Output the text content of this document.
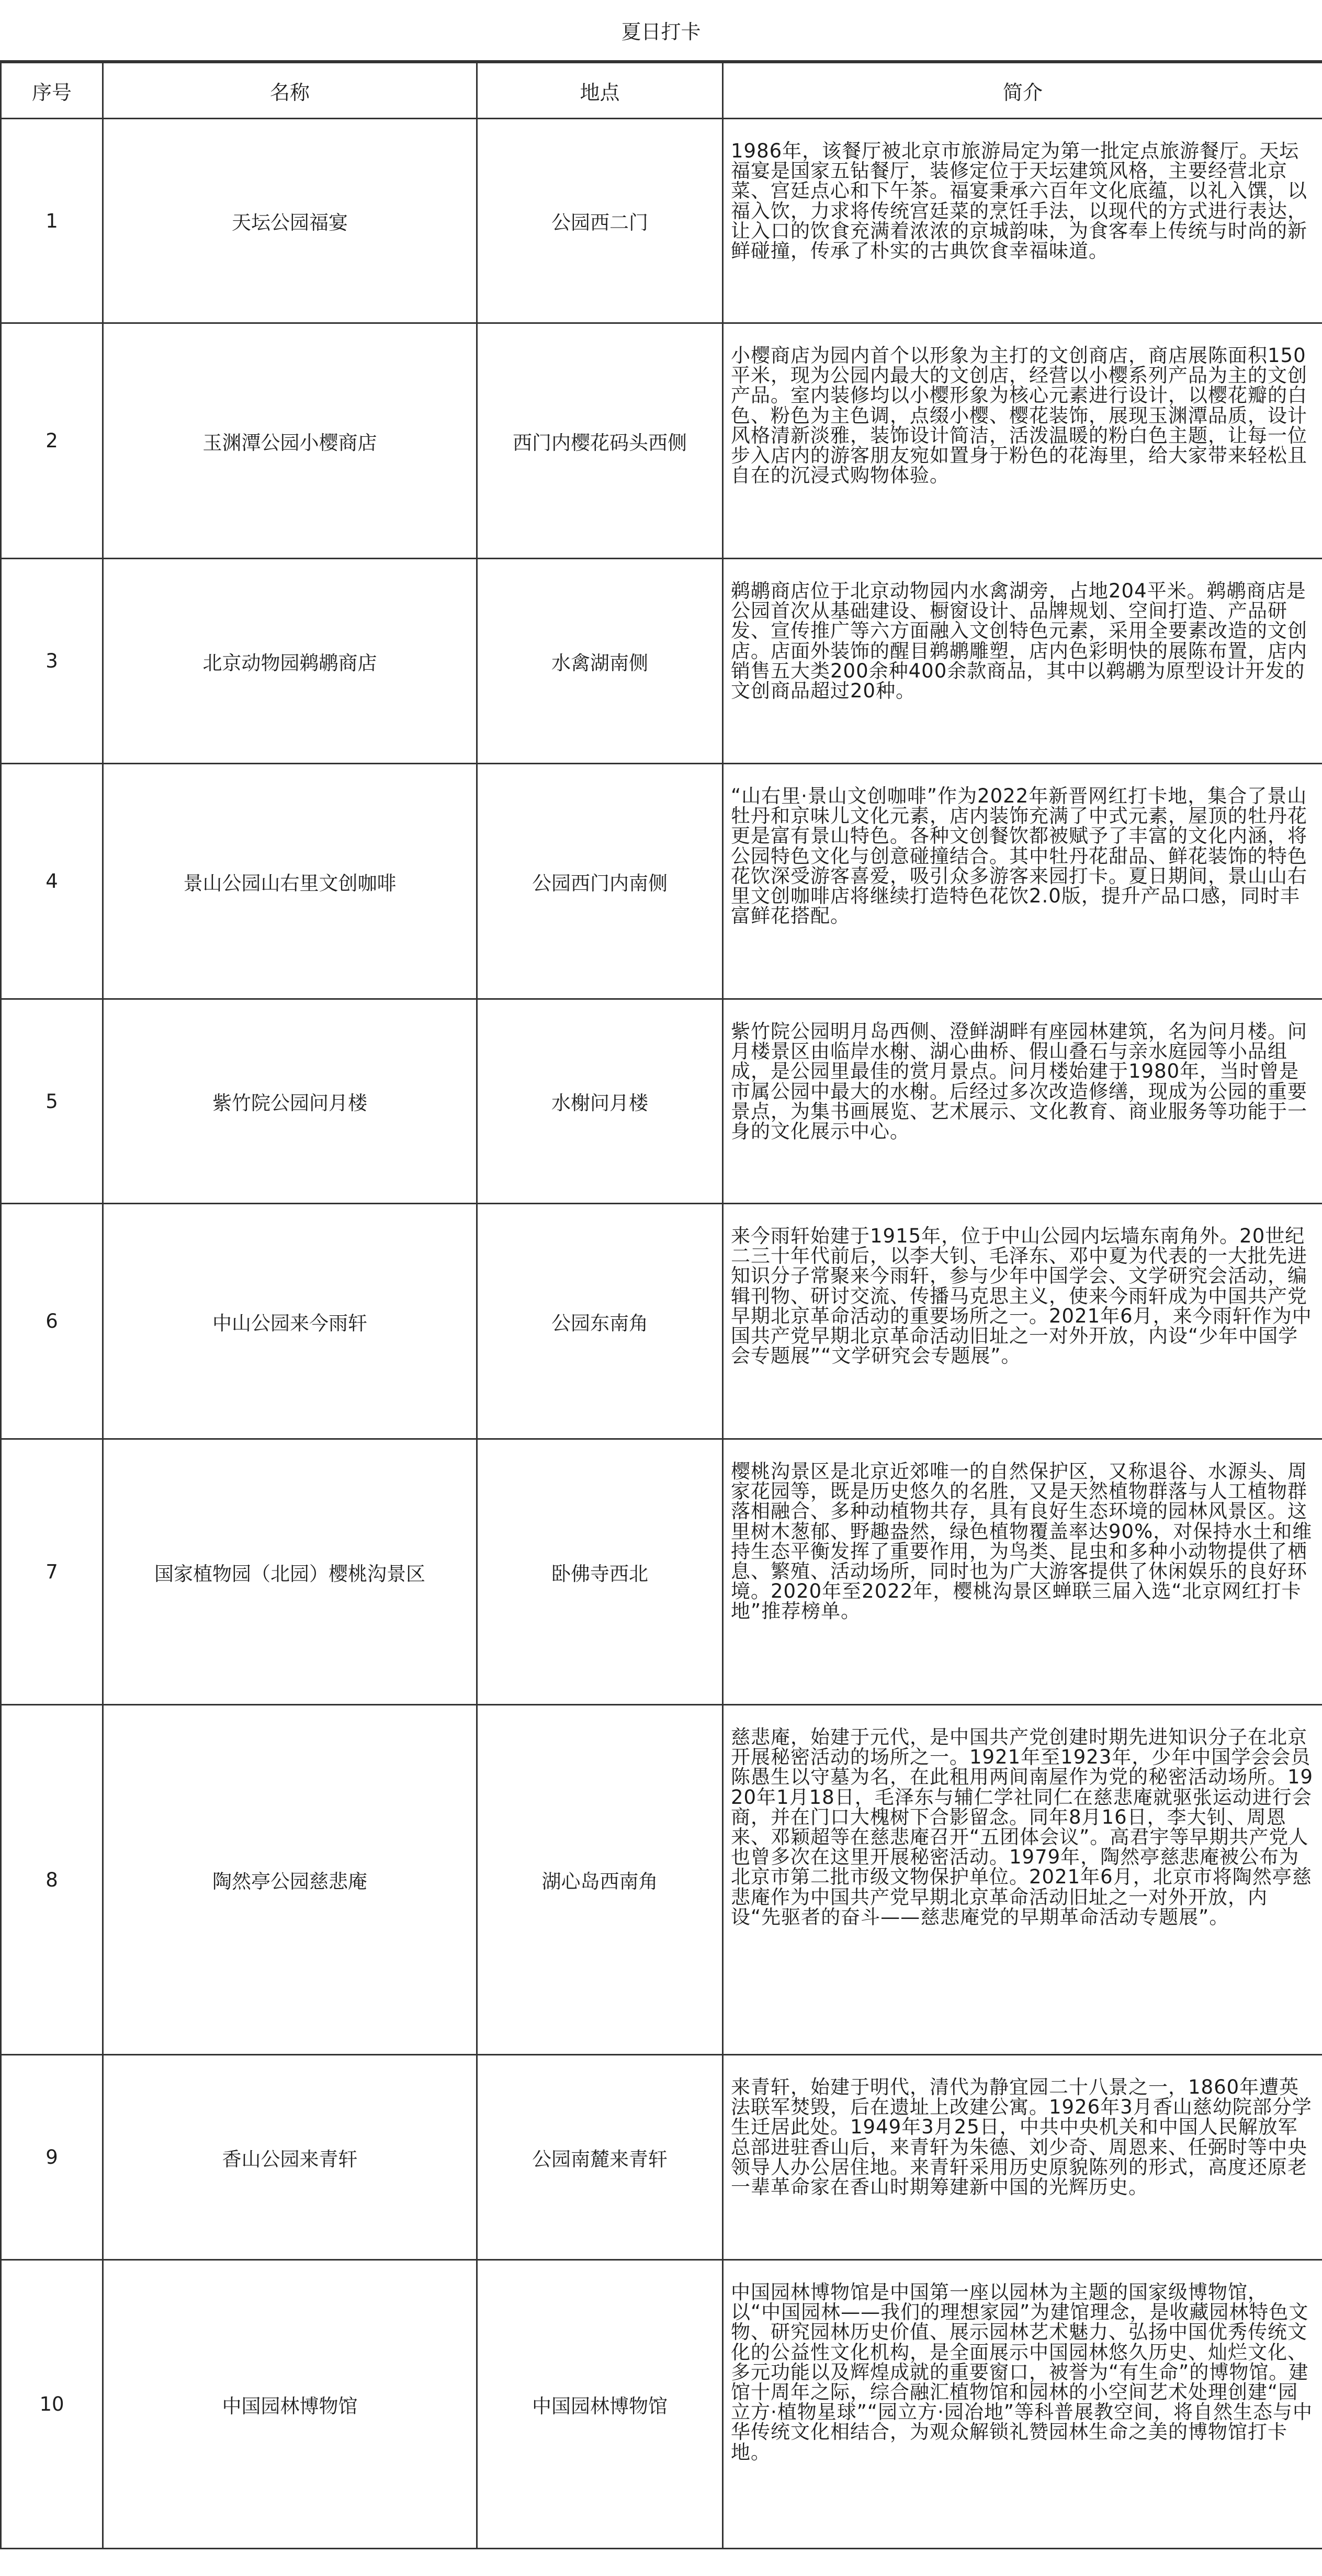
夏日打卡
序号	名称	地点	简介
1	天坛公园福宴	公园西二门	1986年，该餐厅被北京市旅游局定为第一批定点旅游餐厅。天坛福宴是国家五钻餐厅，装修定位于天坛建筑风格，主要经营北京菜、宫廷点心和下午茶。福宴秉承六百年文化底蕴，以礼入馔，以福入饮，力求将传统宫廷菜的烹饪手法，以现代的方式进行表达，让入口的饮食充满着浓浓的京城韵味，为食客奉上传统与时尚的新鲜碰撞，传承了朴实的古典饮食幸福味道。
2	玉渊潭公园小樱商店	西门内樱花码头西侧	小樱商店为园内首个以形象为主打的文创商店，商店展陈面积150平米，现为公园内最大的文创店，经营以小樱系列产品为主的文创产品。室内装修均以小樱形象为核心元素进行设计，以樱花瓣的白色、粉色为主色调，点缀小樱、樱花装饰，展现玉渊潭品质，设计风格清新淡雅，装饰设计简洁，活泼温暖的粉白色主题，让每一位步入店内的游客朋友宛如置身于粉色的花海里，给大家带来轻松且自在的沉浸式购物体验。
3	北京动物园鹈鹕商店	水禽湖南侧	鹈鹕商店位于北京动物园内水禽湖旁，占地204平米。鹈鹕商店是公园首次从基础建设、橱窗设计、品牌规划、空间打造、产品研发、宣传推广等六方面融入文创特色元素，采用全要素改造的文创店。店面外装饰的醒目鹈鹕雕塑，店内色彩明快的展陈布置，店内销售五大类200余种400余款商品，其中以鹈鹕为原型设计开发的文创商品超过20种。
4	景山公园山右里文创咖啡	公园西门内南侧	“山右里·景山文创咖啡”作为2022年新晋网红打卡地，集合了景山牡丹和京味儿文化元素，店内装饰充满了中式元素，屋顶的牡丹花更是富有景山特色。各种文创餐饮都被赋予了丰富的文化内涵，将公园特色文化与创意碰撞结合。其中牡丹花甜品、鲜花装饰的特色花饮深受游客喜爱，吸引众多游客来园打卡。夏日期间，景山山右里文创咖啡店将继续打造特色花饮2.0版，提升产品口感，同时丰富鲜花搭配。
5	紫竹院公园问月楼	水榭问月楼	紫竹院公园明月岛西侧、澄鲜湖畔有座园林建筑，名为问月楼。问月楼景区由临岸水榭、湖心曲桥、假山叠石与亲水庭园等小品组成，是公园里最佳的赏月景点。问月楼始建于1980年，当时曾是市属公园中最大的水榭。后经过多次改造修缮，现成为公园的重要景点，为集书画展览、艺术展示、文化教育、商业服务等功能于一身的文化展示中心。
6	中山公园来今雨轩	公园东南角	来今雨轩始建于1915年，位于中山公园内坛墙东南角外。20世纪二三十年代前后，以李大钊、毛泽东、邓中夏为代表的一大批先进知识分子常聚来今雨轩，参与少年中国学会、文学研究会活动，编辑刊物、研讨交流、传播马克思主义，使来今雨轩成为中国共产党早期北京革命活动的重要场所之一。2021年6月，来今雨轩作为中国共产党早期北京革命活动旧址之一对外开放，内设“少年中国学会专题展”“文学研究会专题展”。
7	国家植物园（北园）樱桃沟景区	卧佛寺西北	樱桃沟景区是北京近郊唯一的自然保护区，又称退谷、水源头、周家花园等，既是历史悠久的名胜，又是天然植物群落与人工植物群落相融合、多种动植物共存，具有良好生态环境的园林风景区。这里树木葱郁、野趣盎然，绿色植物覆盖率达90%，对保持水土和维持生态平衡发挥了重要作用，为鸟类、昆虫和多种小动物提供了栖息、繁殖、活动场所，同时也为广大游客提供了休闲娱乐的良好环境。2020年至2022年，樱桃沟景区蝉联三届入选“北京网红打卡地”推荐榜单。
8	陶然亭公园慈悲庵	湖心岛西南角	慈悲庵，始建于元代，是中国共产党创建时期先进知识分子在北京开展秘密活动的场所之一。1921年至1923年，少年中国学会会员陈愚生以守墓为名，在此租用两间南屋作为党的秘密活动场所。1920年1月18日，毛泽东与辅仁学社同仁在慈悲庵就驱张运动进行会商，并在门口大槐树下合影留念。同年8月16日，李大钊、周恩来、邓颖超等在慈悲庵召开“五团体会议”。高君宇等早期共产党人也曾多次在这里开展秘密活动。1979年，陶然亭慈悲庵被公布为北京市第二批市级文物保护单位。2021年6月，北京市将陶然亭慈悲庵作为中国共产党早期北京革命活动旧址之一对外开放，内设“先驱者的奋斗——慈悲庵党的早期革命活动专题展”。
9	香山公园来青轩	公园南麓来青轩	来青轩，始建于明代，清代为静宜园二十八景之一，1860年遭英法联军焚毁，后在遗址上改建公寓。1926年3月香山慈幼院部分学生迁居此处。1949年3月25日，中共中央机关和中国人民解放军总部进驻香山后，来青轩为朱德、刘少奇、周恩来、任弼时等中央领导人办公居住地。来青轩采用历史原貌陈列的形式，高度还原老一辈革命家在香山时期筹建新中国的光辉历史。
10	中国园林博物馆	中国园林博物馆	中国园林博物馆是中国第一座以园林为主题的国家级博物馆，以“中国园林——我们的理想家园”为建馆理念，是收藏园林特色文物、研究园林历史价值、展示园林艺术魅力、弘扬中国优秀传统文化的公益性文化机构，是全面展示中国园林悠久历史、灿烂文化、多元功能以及辉煌成就的重要窗口，被誉为“有生命”的博物馆。建馆十周年之际，综合融汇植物馆和园林的小空间艺术处理创建“园立方·植物星球”“园立方·园冶地”等科普展教空间，将自然生态与中华传统文化相结合，为观众解锁礼赞园林生命之美的博物馆打卡地。
